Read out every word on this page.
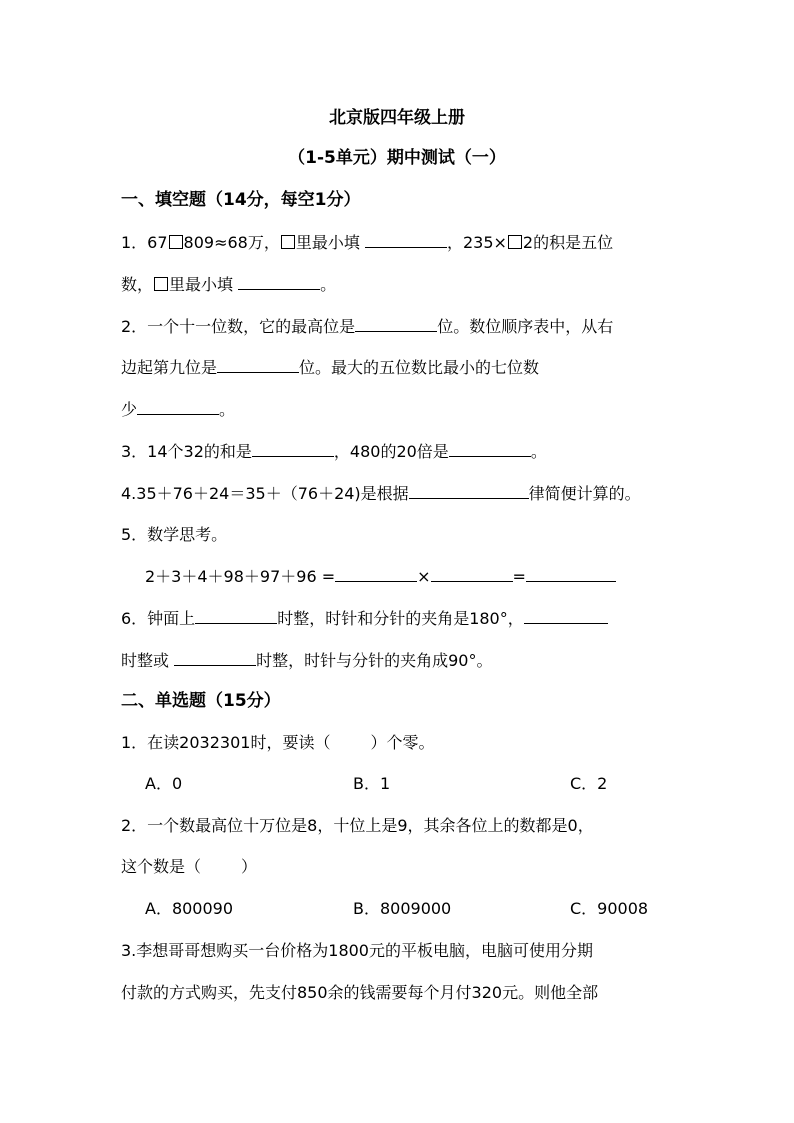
北京版四年级上册
（1-5单元）期中测试（一）
一、填空题（14分，每空1分）
1．67 809≈68万， 里最小填	，235× 2的积是五位
数， 里最小填	。
2．一个十一位数，它的最高位是	位。数位顺序表中，从右
边起第九位是	位。最大的五位数比最小的七位数
少	。
3．14个32的和是	，480的20倍是	。
4.35＋76＋24＝35＋（76＋24)是根据	律简便计算的。
5．数学思考。
2＋3＋4＋98＋97＋96 =	×	=
6．钟面上	时整，时针和分针的夹角是180°，
时整或	时整，时针与分针的夹角成90°。
二、单选题（15分）
1．在读2032301时，要读（	）个零。
A．0	B．1	C．2
2．一个数最高位十万位是8，十位上是9，其余各位上的数都是0，
这个数是（	）
A．800090	B．8009000	C．90008
3.李想哥哥想购买一台价格为1800元的平板电脑，电脑可使用分期
付款的方式购买，先支付850余的钱需要每个月付320元。则他全部
